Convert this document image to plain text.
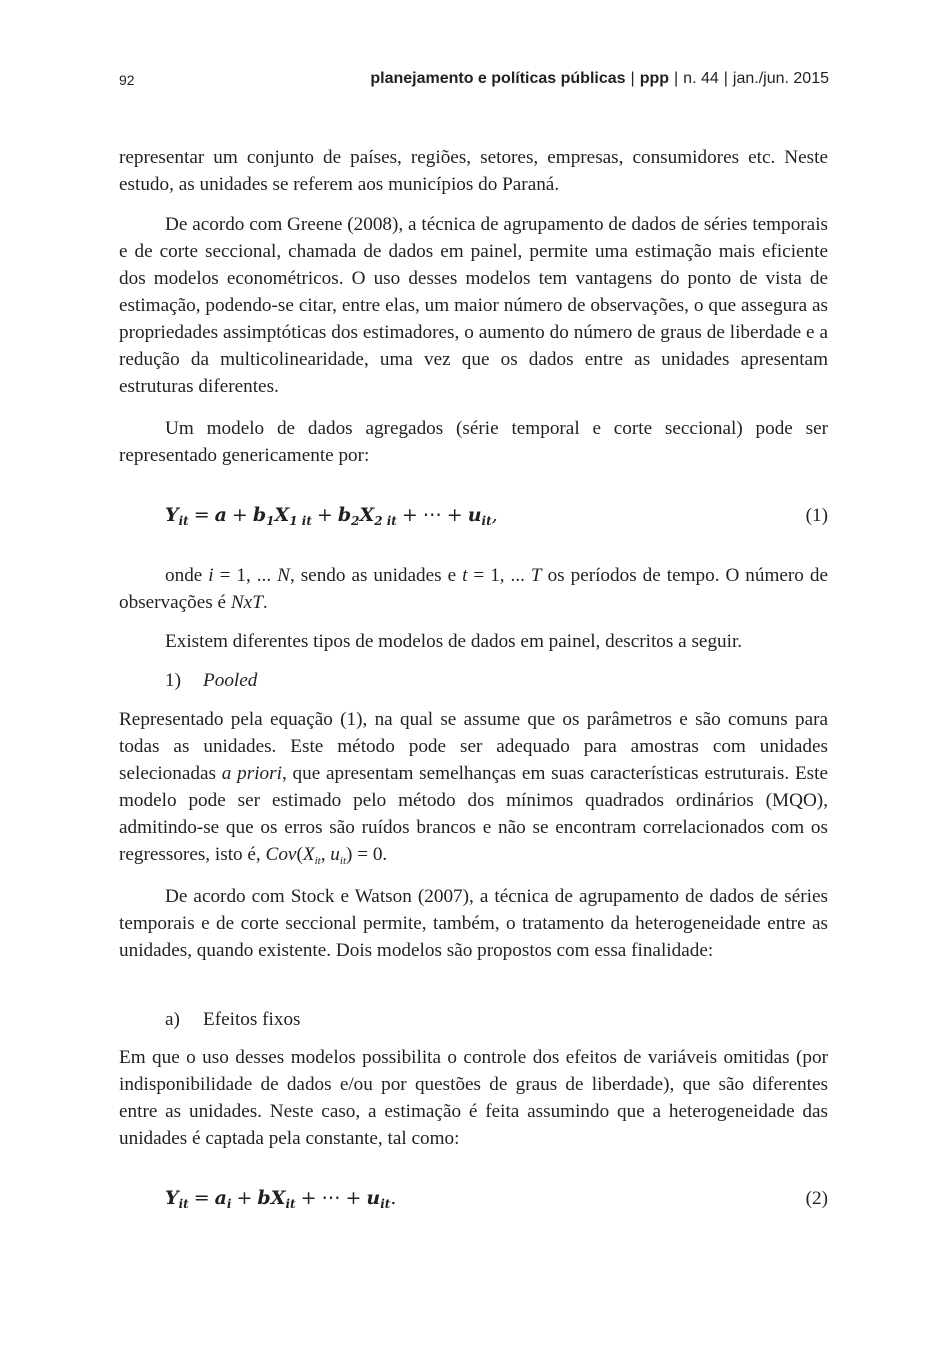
92	planejamento e políticas públicas | ppp | n. 44 | jan./jun. 2015

representar um conjunto de países, regiões, setores, empresas, consumidores etc. Neste estudo, as unidades se referem aos municípios do Paraná.

De acordo com Greene (2008), a técnica de agrupamento de dados de séries temporais e de corte seccional, chamada de dados em painel, permite uma estimação mais eficiente dos modelos econométricos. O uso desses modelos tem vantagens do ponto de vista de estimação, podendo-se citar, entre elas, um maior número de observações, o que assegura as propriedades assimptóticas dos estimadores, o aumento do número de graus de liberdade e a redução da multicolinearidade, uma vez que os dados entre as unidades apresentam estruturas diferentes.

Um modelo de dados agregados (série temporal e corte seccional) pode ser representado genericamente por:

$Y_{it} = a + b_1X_{1 it} + b_2X_{2 it}$ + ⋯ + $u_{it}$,	(1)

onde i = 1, ... N, sendo as unidades e t = 1, ... T os períodos de tempo. O número de observações é NxT.

Existem diferentes tipos de modelos de dados em painel, descritos a seguir.

1) Pooled

Representado pela equação (1), na qual se assume que os parâmetros e são comuns para todas as unidades. Este método pode ser adequado para amostras com unidades selecionadas a priori, que apresentam semelhanças em suas características estruturais. Este modelo pode ser estimado pelo método dos mínimos quadrados ordinários (MQO), admitindo-se que os erros são ruídos brancos e não se encontram correlacionados com os regressores, isto é, $Cov(X_{it}$, $u_{it}) = 0$.

De acordo com Stock e Watson (2007), a técnica de agrupamento de dados de séries temporais e de corte seccional permite, também, o tratamento da heterogeneidade entre as unidades, quando existente. Dois modelos são propostos com essa finalidade:

a) Efeitos fixos

Em que o uso desses modelos possibilita o controle dos efeitos de variáveis omitidas (por indisponibilidade de dados e/ou por questões de graus de liberdade), que são diferentes entre as unidades. Neste caso, a estimação é feita assumindo que a heterogeneidade das unidades é captada pela constante, tal como:

$Y_{it} = a_i + bX_{it}$ + ⋯ + $u_{it}$.	(2)
